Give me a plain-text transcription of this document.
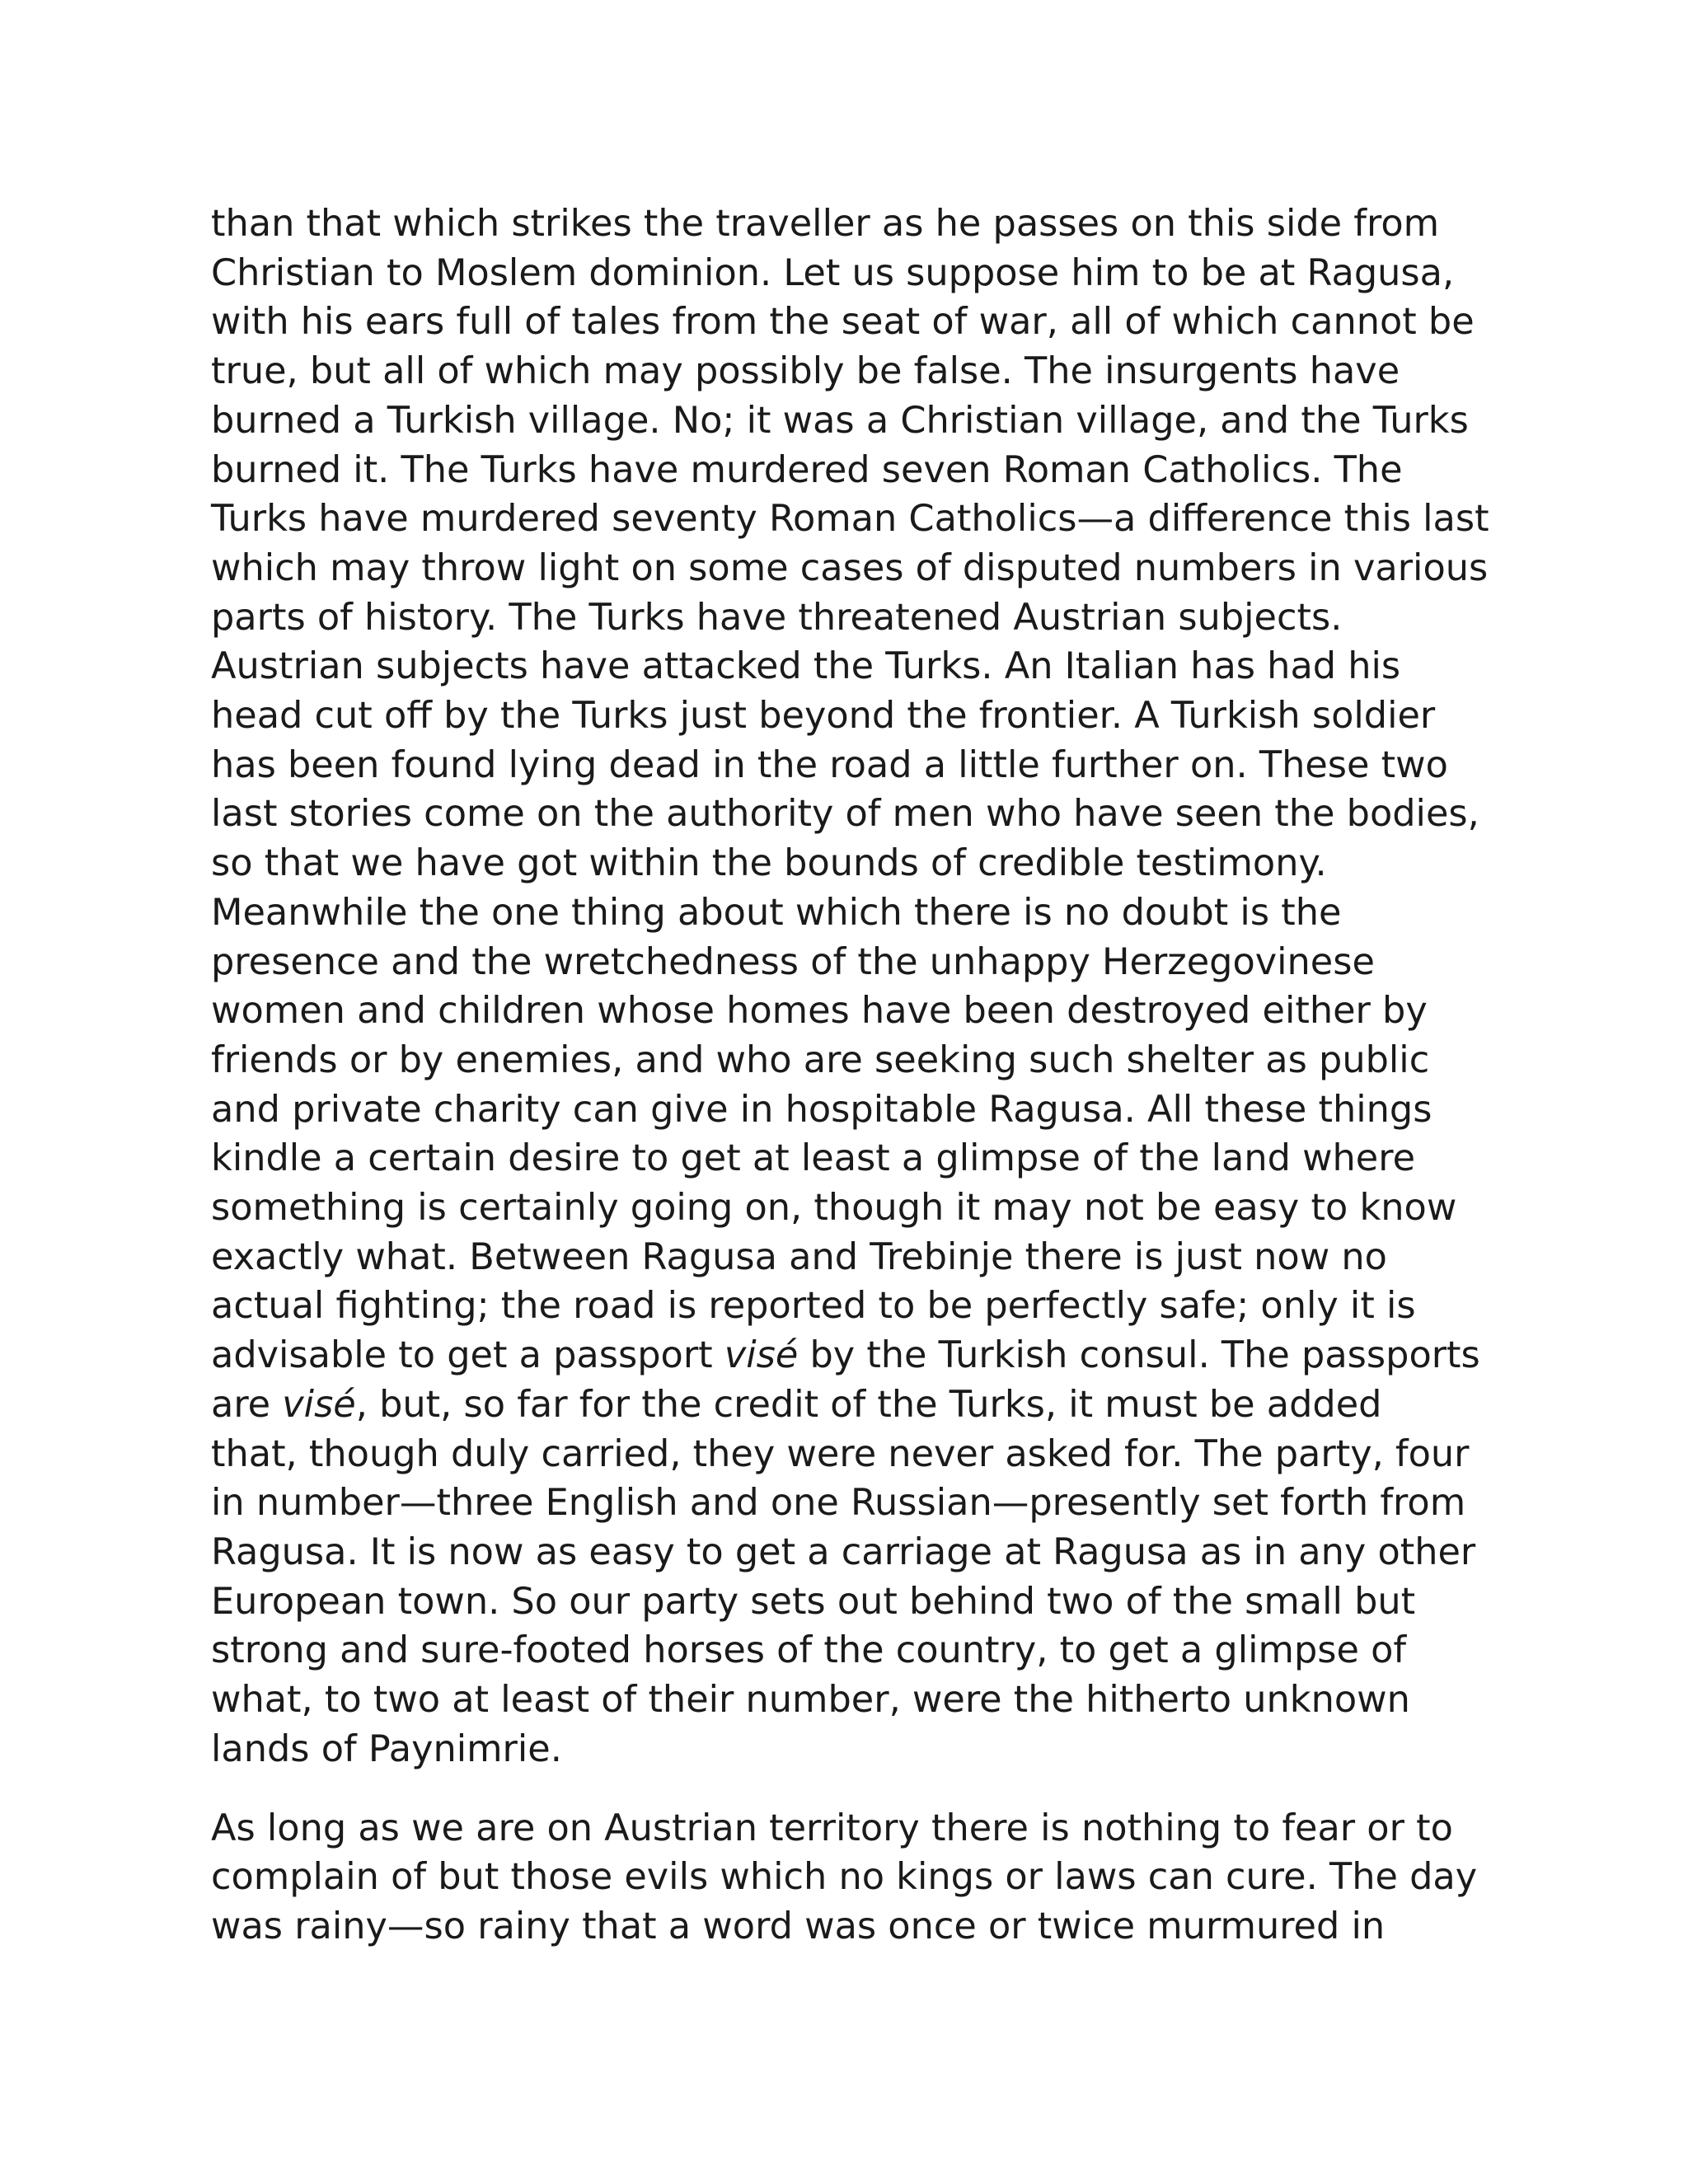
than that which strikes the traveller as he passes on this side from
Christian to Moslem dominion. Let us suppose him to be at Ragusa,
with his ears full of tales from the seat of war, all of which cannot be
true, but all of which may possibly be false. The insurgents have
burned a Turkish village. No; it was a Christian village, and the Turks
burned it. The Turks have murdered seven Roman Catholics. The
Turks have murdered seventy Roman Catholics—a difference this last
which may throw light on some cases of disputed numbers in various
parts of history. The Turks have threatened Austrian subjects.
Austrian subjects have attacked the Turks. An Italian has had his
head cut off by the Turks just beyond the frontier. A Turkish soldier
has been found lying dead in the road a little further on. These two
last stories come on the authority of men who have seen the bodies,
so that we have got within the bounds of credible testimony.
Meanwhile the one thing about which there is no doubt is the
presence and the wretchedness of the unhappy Herzegovinese
women and children whose homes have been destroyed either by
friends or by enemies, and who are seeking such shelter as public
and private charity can give in hospitable Ragusa. All these things
kindle a certain desire to get at least a glimpse of the land where
something is certainly going on, though it may not be easy to know
exactly what. Between Ragusa and Trebinje there is just now no
actual fighting; the road is reported to be perfectly safe; only it is
advisable to get a passport visé by the Turkish consul. The passports
are visé, but, so far for the credit of the Turks, it must be added
that, though duly carried, they were never asked for. The party, four
in number—three English and one Russian—presently set forth from
Ragusa. It is now as easy to get a carriage at Ragusa as in any other
European town. So our party sets out behind two of the small but
strong and sure-footed horses of the country, to get a glimpse of
what, to two at least of their number, were the hitherto unknown
lands of Paynimrie.

As long as we are on Austrian territory there is nothing to fear or to
complain of but those evils which no kings or laws can cure. The day
was rainy—so rainy that a word was once or twice murmured in
